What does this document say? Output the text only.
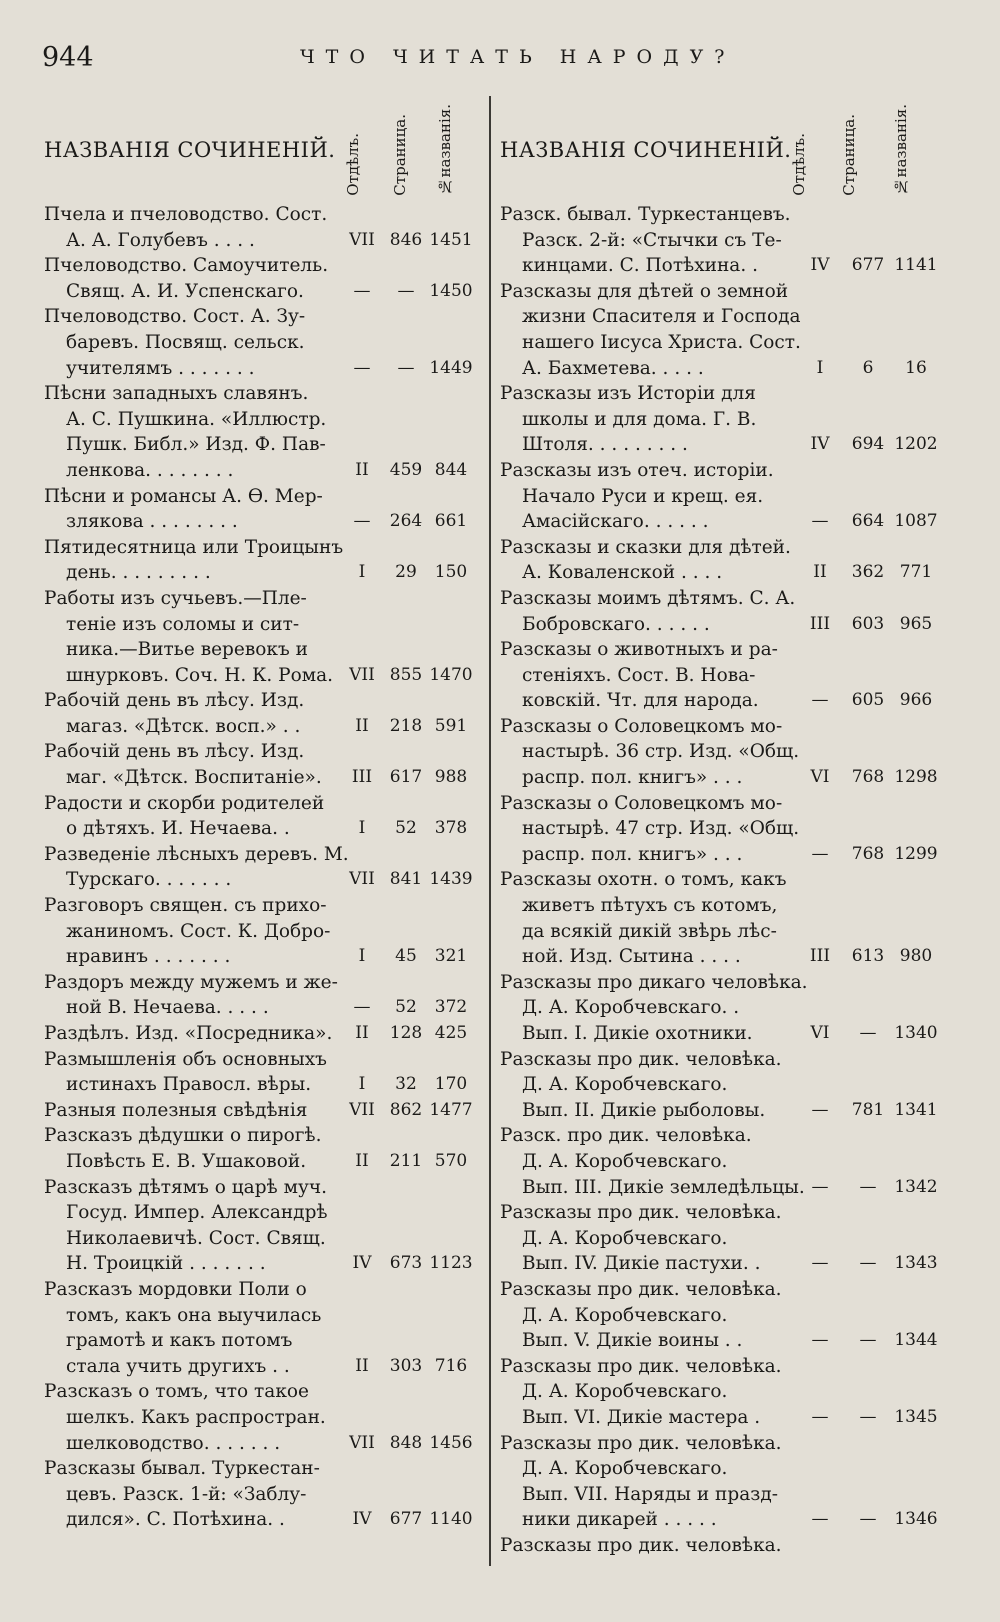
944	ЧТО ЧИТАТЬ НАРОДУ?
НАЗВАНІЯ СОЧИНЕНІЙ. Отдѣлъ. Страница. №названія.
Пчела и пчеловодство. Сост.
А. А. Голубевъ . . . .	VII 846 1451
Пчеловодство. Самоучитель.
Свящ. А. И. Успенскаго.	—	— 1450
Пчеловодство. Сост. А. Зу-
баревъ. Посвящ. сельск.
учителямъ . . . . . . .	—	— 1449
Пѣсни западныхъ славянъ.
А. С. Пушкина. «Иллюстр.
Пушк. Библ.» Изд. Ф. Пав-
ленкова. . . . . . . .	II	459 844
Пѣсни и романсы А. Ѳ. Мер-
злякова . . . . . . . .	—	264 661
Пятидесятница или Троицынъ
день. . . . . . . . .	I	29	150
Работы изъ сучьевъ.—Пле-
теніе изъ соломы и сит-
ника.—Витье веревокъ и
шнурковъ. Соч. Н. К. Рома. VII 855 1470
Рабочій день въ лѣсу. Изд.
магаз. «Дѣтск. восп.» . .	II	218 591
Рабочій день въ лѣсу. Изд.
маг. «Дѣтск. Воспитаніе».	III	617 988
Радости и скорби родителей
о дѣтяхъ. И. Нечаева. .	I	52	378
Разведеніе лѣсныхъ деревъ. М.
Турскаго. . . . . . .	VII 841 1439
Разговоръ священ. съ прихо-
жаниномъ. Сост. К. Добро-
нравинъ . . . . . . .	I	45	321
Раздоръ между мужемъ и же-
ной В. Нечаева. . . . .	—	52	372
Раздѣлъ. Изд. «Посредника».	II	128 425
Размышленія объ основныхъ
истинахъ Правосл. вѣры.	I	32	170
Разныя полезныя свѣдѣнія	VII 862 1477
Разсказъ дѣдушки о пирогѣ.
Повѣсть Е. В. Ушаковой.	II	211 570
Разсказъ дѣтямъ о царѣ муч.
Госуд. Импер. Александрѣ
Николаевичѣ. Сост. Свящ.
Н. Троицкій . . . . . . .	IV	673 1123
Разсказъ мордовки Поли о
томъ, какъ она выучилась
грамотѣ и какъ потомъ
стала учить другихъ . .	II	303 716
Разсказъ о томъ, что такое
шелкъ. Какъ распростран.
шелководство. . . . . . .	VII 848 1456
Разсказы бывал. Туркестан-
цевъ. Разск. 1-й: «Заблу-
дился». С. Потѣхина. .	IV	677 1140
НАЗВАНІЯ СОЧИНЕНІЙ.
Отдѣлъ. Страница. №названія.
Разск. бывал. Туркестанцевъ.
Разск. 2-й: «Стычки съ Те-
кинцами. С. Потѣхина. .	IV	677 1141
Разсказы для дѣтей о земной
жизни Спасителя и Господа
нашего Іисуса Христа. Сост.
А. Бахметева. . . . .	I	6	16
Разсказы изъ Исторіи для
школы и для дома. Г. В.
Штоля. . . . . . . . .	IV	694 1202
Разсказы изъ отеч. исторіи.
Начало Руси и крещ. ея.
Амасійскаго. . . . . .	—	664 1087
Разсказы и сказки для дѣтей.
А. Коваленской . . . .	II	362 771
Разсказы моимъ дѣтямъ. С. А.
Бобровскаго. . . . . .	III	603 965
Разсказы о животныхъ и ра-
стеніяхъ. Сост. В. Нова-
ковскій. Чт. для народа.	—	605 966
Разсказы о Соловецкомъ мо-
настырѣ. 36 стр. Изд. «Общ.
распр. пол. книгъ» . . .	VI	768 1298
Разсказы о Соловецкомъ мо-
настырѣ. 47 стр. Изд. «Общ.
распр. пол. книгъ» . . .	—	768 1299
Разсказы охотн. о томъ, какъ
живетъ пѣтухъ съ котомъ,
да всякій дикій звѣрь лѣс-
ной. Изд. Сытина . . . .	III	613 980
Разсказы про дикаго человѣка.
Д. А. Коробчевскаго. .
Вып. I. Дикіе охотники.	VI	—	1340
Разсказы про дик. человѣка.
Д. А. Коробчевскаго.
Вып. II. Дикіе рыболовы.	—	781 1341
Разск. про дик. человѣка.
Д. А. Коробчевскаго.
Вып. III. Дикіе земледѣльцы. —	—	1342
Разсказы про дик. человѣка.
Д. А. Коробчевскаго.
Вып. IV. Дикіе пастухи. .	—	—	1343
Разсказы про дик. человѣка.
Д. А. Коробчевскаго.
Вып. V. Дикіе воины . .	—	—	1344
Разсказы про дик. человѣка.
Д. А. Коробчевскаго.
Вып. VI. Дикіе мастера .	—	—	1345
Разсказы про дик. человѣка.
Д. А. Коробчевскаго.
Вып. VII. Наряды и празд-
ники дикарей . . . . .	—	—	1346
Разсказы про дик. человѣка.
